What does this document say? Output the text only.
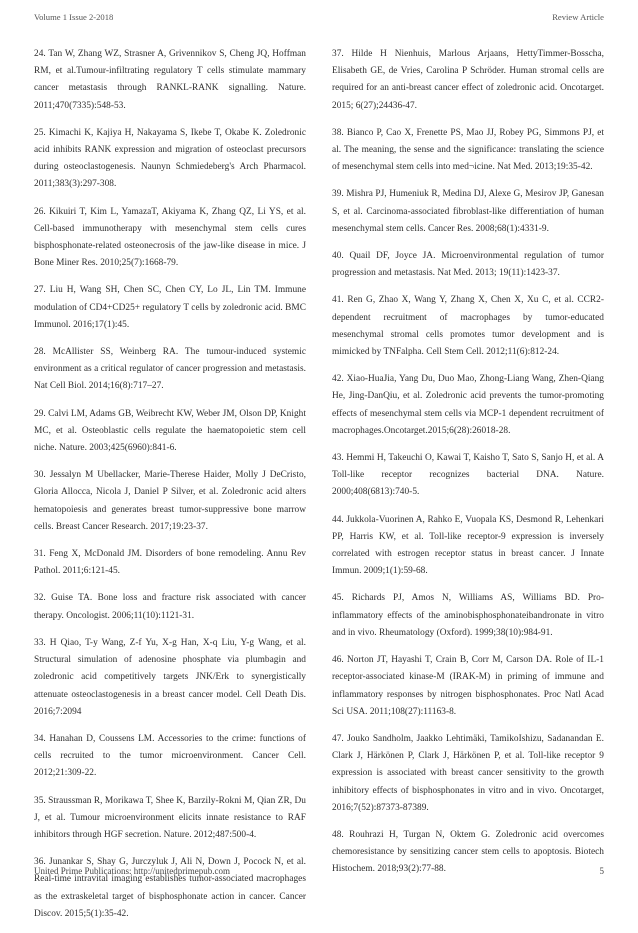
Volume 1 Issue 2-2018	Review Article

24. Tan W, Zhang WZ, Strasner A, Grivennikov S, Cheng JQ, Hoffman RM, et al.Tumour-infiltrating regulatory T cells stimulate mammary cancer metastasis through RANKL-RANK signalling. Nature. 2011;470(7335):548-53.

25. Kimachi K, Kajiya H, Nakayama S, Ikebe T, Okabe K. Zoledronic acid inhibits RANK expression and migration of osteoclast precursors during osteoclastogenesis. Naunyn Schmiedeberg's Arch Pharmacol. 2011;383(3):297-308.

26. Kikuiri T, Kim L, YamazaT, Akiyama K, Zhang QZ, Li YS, et al. Cell-based immunotherapy with mesenchymal stem cells cures bisphosphonate-related osteonecrosis of the jaw-like disease in mice. J Bone Miner Res. 2010;25(7):1668-79.

27. Liu H, Wang SH, Chen SC, Chen CY, Lo JL, Lin TM. Immune modulation of CD4+CD25+ regulatory T cells by zoledronic acid. BMC Immunol. 2016;17(1):45.

28. McAllister SS, Weinberg RA. The tumour-induced systemic environment as a critical regulator of cancer progression and metastasis. Nat Cell Biol. 2014;16(8):717–27.

29. Calvi LM, Adams GB, Weibrecht KW, Weber JM, Olson DP, Knight MC, et al. Osteoblastic cells regulate the haematopoietic stem cell niche. Nature. 2003;425(6960):841-6.

30. Jessalyn M Ubellacker, Marie-Therese Haider, Molly J DeCristo, Gloria Allocca, Nicola J, Daniel P Silver, et al. Zoledronic acid alters hematopoiesis and generates breast tumor-suppressive bone marrow cells. Breast Cancer Research. 2017;19:23-37.

31. Feng X, McDonald JM. Disorders of bone remodeling. Annu Rev Pathol. 2011;6:121-45.

32. Guise TA. Bone loss and fracture risk associated with cancer therapy. Oncologist. 2006;11(10):1121-31.

33. H Qiao, T-y Wang, Z-f Yu, X-g Han, X-q Liu, Y-g Wang, et al. Structural simulation of adenosine phosphate via plumbagin and zoledronic acid competitively targets JNK/Erk to synergistically attenuate osteoclastogenesis in a breast cancer model. Cell Death Dis. 2016;7:2094

34. Hanahan D, Coussens LM. Accessories to the crime: functions of cells recruited to the tumor microenvironment. Cancer Cell. 2012;21:309-22.

35. Straussman R, Morikawa T, Shee K, Barzily-Rokni M, Qian ZR, Du J, et al. Tumour microenvironment elicits innate resistance to RAF inhibitors through HGF secretion. Nature. 2012;487:500-4.

36. Junankar S, Shay G, Jurczyluk J, Ali N, Down J, Pocock N, et al. Real-time intravital imaging establishes tumor-associated macrophages as the extraskeletal target of bisphosphonate action in cancer. Cancer Discov. 2015;5(1):35-42.

37. Hilde H Nienhuis, Marlous Arjaans, HettyTimmer-Bosscha, Elisabeth GE, de Vries, Carolina P Schröder. Human stromal cells are required for an anti-breast cancer effect of zoledronic acid. Oncotarget. 2015; 6(27);24436-47.

38. Bianco P, Cao X, Frenette PS, Mao JJ, Robey PG, Simmons PJ, et al. The meaning, the sense and the significance: translating the science of mesenchymal stem cells into med¬icine. Nat Med. 2013;19:35-42.

39. Mishra PJ, Humeniuk R, Medina DJ, Alexe G, Mesirov JP, Ganesan S, et al. Carcinoma-associated fibroblast-like differentiation of human mesenchymal stem cells. Cancer Res. 2008;68(1):4331-9.

40. Quail DF, Joyce JA. Microenvironmental regulation of tumor progression and metastasis. Nat Med. 2013; 19(11):1423-37.

41. Ren G, Zhao X, Wang Y, Zhang X, Chen X, Xu C, et al. CCR2-dependent recruitment of macrophages by tumor-educated mesenchymal stromal cells promotes tumor development and is mimicked by TNFalpha. Cell Stem Cell. 2012;11(6):812-24.

42. Xiao-HuaJia, Yang Du, Duo Mao, Zhong-Liang Wang, Zhen-Qiang He, Jing-DanQiu, et al. Zoledronic acid prevents the tumor-promoting effects of mesenchymal stem cells via MCP-1 dependent recruitment of macrophages.Oncotarget.2015;6(28):26018-28.

43. Hemmi H, Takeuchi O, Kawai T, Kaisho T, Sato S, Sanjo H, et al. A Toll-like receptor recognizes bacterial DNA. Nature. 2000;408(6813):740-5.

44. Jukkola-Vuorinen A, Rahko E, Vuopala KS, Desmond R, Lehenkari PP, Harris KW, et al. Toll-like receptor-9 expression is inversely correlated with estrogen receptor status in breast cancer. J Innate Immun. 2009;1(1):59-68.

45. Richards PJ, Amos N, Williams AS, Williams BD. Pro-inflammatory effects of the aminobisphosphonateibandronate in vitro and in vivo. Rheumatology (Oxford). 1999;38(10):984-91.

46. Norton JT, Hayashi T, Crain B, Corr M, Carson DA. Role of IL-1 receptor-associated kinase-M (IRAK-M) in priming of immune and inflammatory responses by nitrogen bisphosphonates. Proc Natl Acad Sci USA. 2011;108(27):11163-8.

47. Jouko Sandholm, Jaakko Lehtimäki, TamikoIshizu, Sadanandan E. Clark J, Härkönen P, Clark J, Härkönen P, et al. Toll-like receptor 9 expression is associated with breast cancer sensitivity to the growth inhibitory effects of bisphosphonates in vitro and in vivo. Oncotarget, 2016;7(52):87373-87389.

48. Rouhrazi H, Turgan N, Oktem G. Zoledronic acid overcomes chemoresistance by sensitizing cancer stem cells to apoptosis. Biotech Histochem. 2018;93(2):77-88.

United Prime Publications: http://unitedprimepub.com	5
